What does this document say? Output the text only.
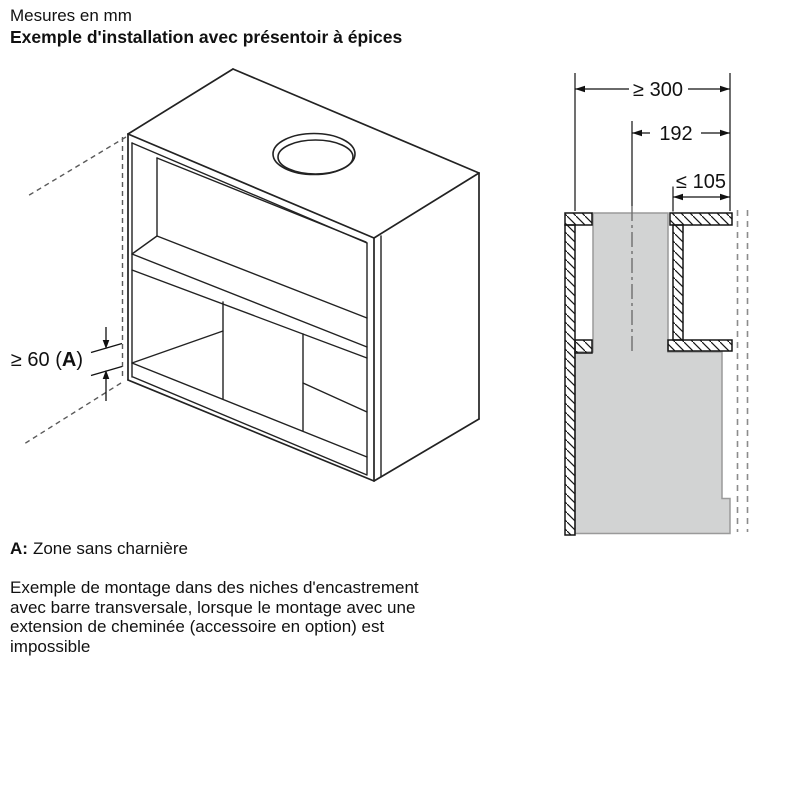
Mesures en mm
Exemple d'installation avec présentoir à épices
≥ 60 (A)
≥ 300
192
≤ 105
A: Zone sans charnière
Exemple de montage dans des niches d'encastrement
avec barre transversale, lorsque le montage avec une
extension de cheminée (accessoire en option) est
impossible
